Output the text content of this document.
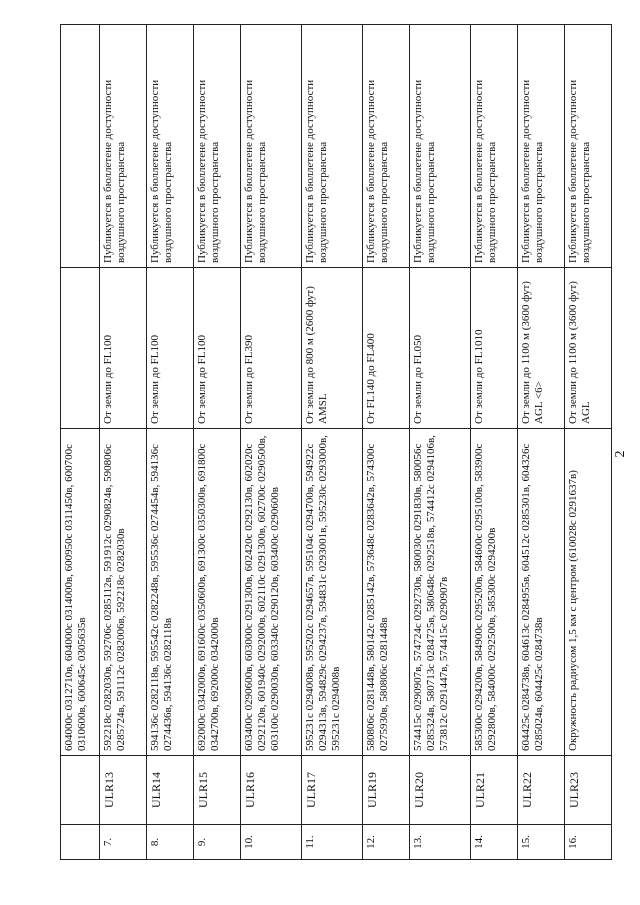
2
		604000с 0312710в, 604000с 0314000в, 600950с 0311450в, 600700с 0310600в, 600645с 0305635в		
7.	ULR13	592218с 0282030в, 592706с 0285112в, 591912с 0290824в, 590806с 0285724в, 591112с 0282006в, 592218с 0282030в	От земли до FL100	Публикуется в бюллетене доступности воздушного пространства
8.	ULR14	594136с 0282118в, 595542с 0282248в, 595536с 0274454в, 594136с 0274436в, 594136с 0282118в	От земли до FL100	Публикуется в бюллетене доступности воздушного пространства
9.	ULR15	692000с 0342000в, 691600с 0350600в, 691300с 0350300в, 691800с 0342700в, 692000с 0342000в	От земли до FL100	Публикуется в бюллетене доступности воздушного пространства
10.	ULR16	603400с 0290600в, 603000с 0291300в, 602420с 0292130в, 602020с 0292120в, 601940с 0292000в, 602110с 0291300в, 602700с 0290500в, 603100с 0290030в, 603340с 0290120в, 603400с 0290600в	От земли до FL390	Публикуется в бюллетене доступности воздушного пространства
11.	ULR17	595231с 0294008в, 595202с 0294657в, 595104с 0294700в, 594922с 0294313в, 594829с 0294237в, 594831с 0293001в, 595230с 0293000в, 595231с 0294008в	От земли до 800 м (2600 фут) AMSL	Публикуется в бюллетене доступности воздушного пространства
12.	ULR19	580806с 0281448в, 580142с 0285142в, 573648с 0283642в, 574300с 0275930в, 580806с 0281448в	От FL140 до FL400	Публикуется в бюллетене доступности воздушного пространства
13.	ULR20	574415с 0290907в, 574724с 0292730в, 580030с 0291830в, 580056с 0285324в, 580713с 0284725в, 580648с 0292518в, 574412с 0294106в, 573812с 0291447в, 574415с 0290907в	От земли до FL050	Публикуется в бюллетене доступности воздушного пространства
14.	ULR21	585300с 0294200в, 584900с 0295200в, 584600с 0295100в, 583900с 0292800в, 584000с 0292500в, 585300с 0294200в	От земли до FL1010	Публикуется в бюллетене доступности воздушного пространства
15.	ULR22	604425с 0284738в, 604613с 0284955в, 604512с 0285301в, 604326с 0285024в, 604425с 0284738в	От земли до 1100 м (3600 фут) AGL <6>	Публикуется в бюллетене доступности воздушного пространства
16.	ULR23	Окружность радиусом 1,5 км с центром (610028с 0291637в)	От земли до 1100 м (3600 фут) AGL	Публикуется в бюллетене доступности воздушного пространства
